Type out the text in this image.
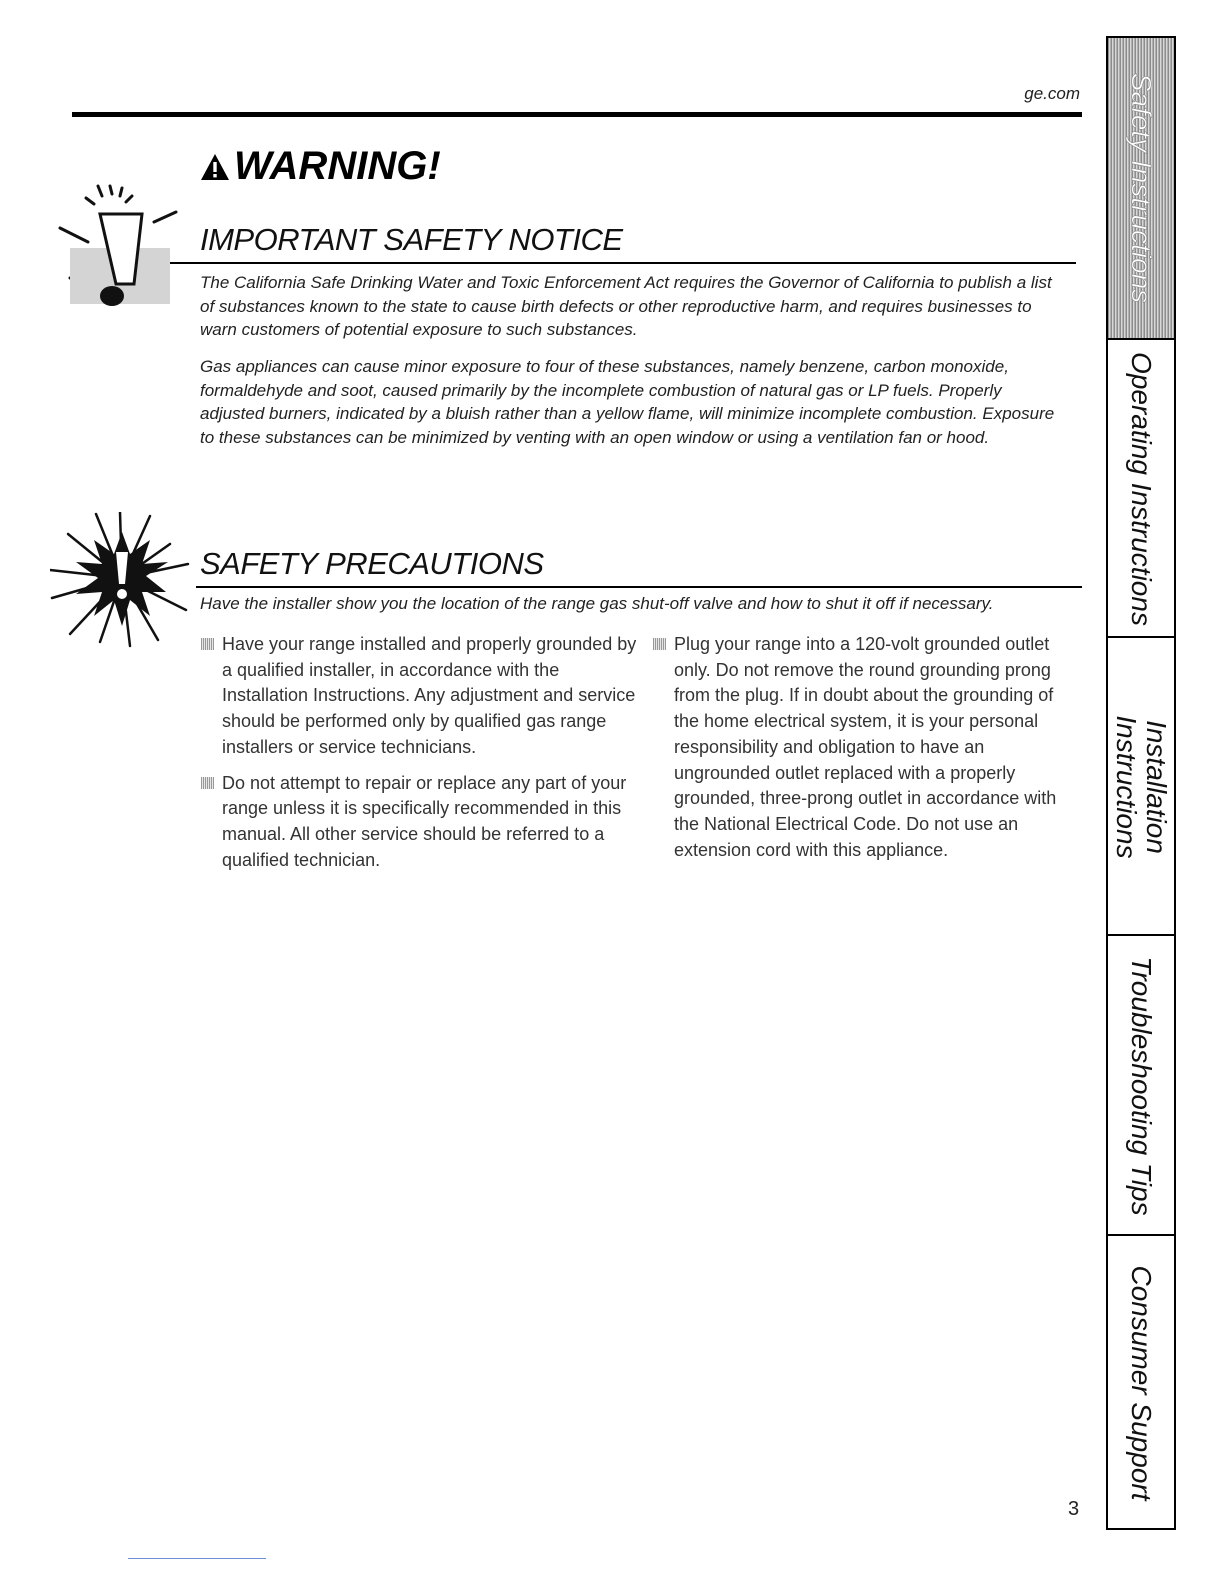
ge.com
WARNING!
IMPORTANT SAFETY NOTICE

The California Safe Drinking Water and Toxic Enforcement Act requires the Governor of California to publish a list of substances known to the state to cause birth defects or other reproductive harm, and requires businesses to warn customers of potential exposure to such substances.

Gas appliances can cause minor exposure to four of these substances, namely benzene, carbon monoxide, formaldehyde and soot, caused primarily by the incomplete combustion of natural gas or LP fuels. Properly adjusted burners, indicated by a bluish rather than a yellow flame, will minimize incomplete combustion. Exposure to these substances can be minimized by venting with an open window or using a ventilation fan or hood.

SAFETY PRECAUTIONS
Have the installer show you the location of the range gas shut-off valve and how to shut it off if necessary.
Have your range installed and properly grounded by a qualified installer, in accordance with the Installation Instructions. Any adjustment and service should be performed only by qualified gas range installers or service technicians.
Do not attempt to repair or replace any part of your range unless it is specifically recommended in this manual. All other service should be referred to a qualified technician.
Plug your range into a 120-volt grounded outlet only. Do not remove the round grounding prong from the plug. If in doubt about the grounding of the home electrical system, it is your personal responsibility and obligation to have an ungrounded outlet replaced with a properly grounded, three-prong outlet in accordance with the National Electrical Code. Do not use an extension cord with this appliance.
Safety Instructions
Operating Instructions
Installation Instructions
Troubleshooting Tips
Consumer Support
3
